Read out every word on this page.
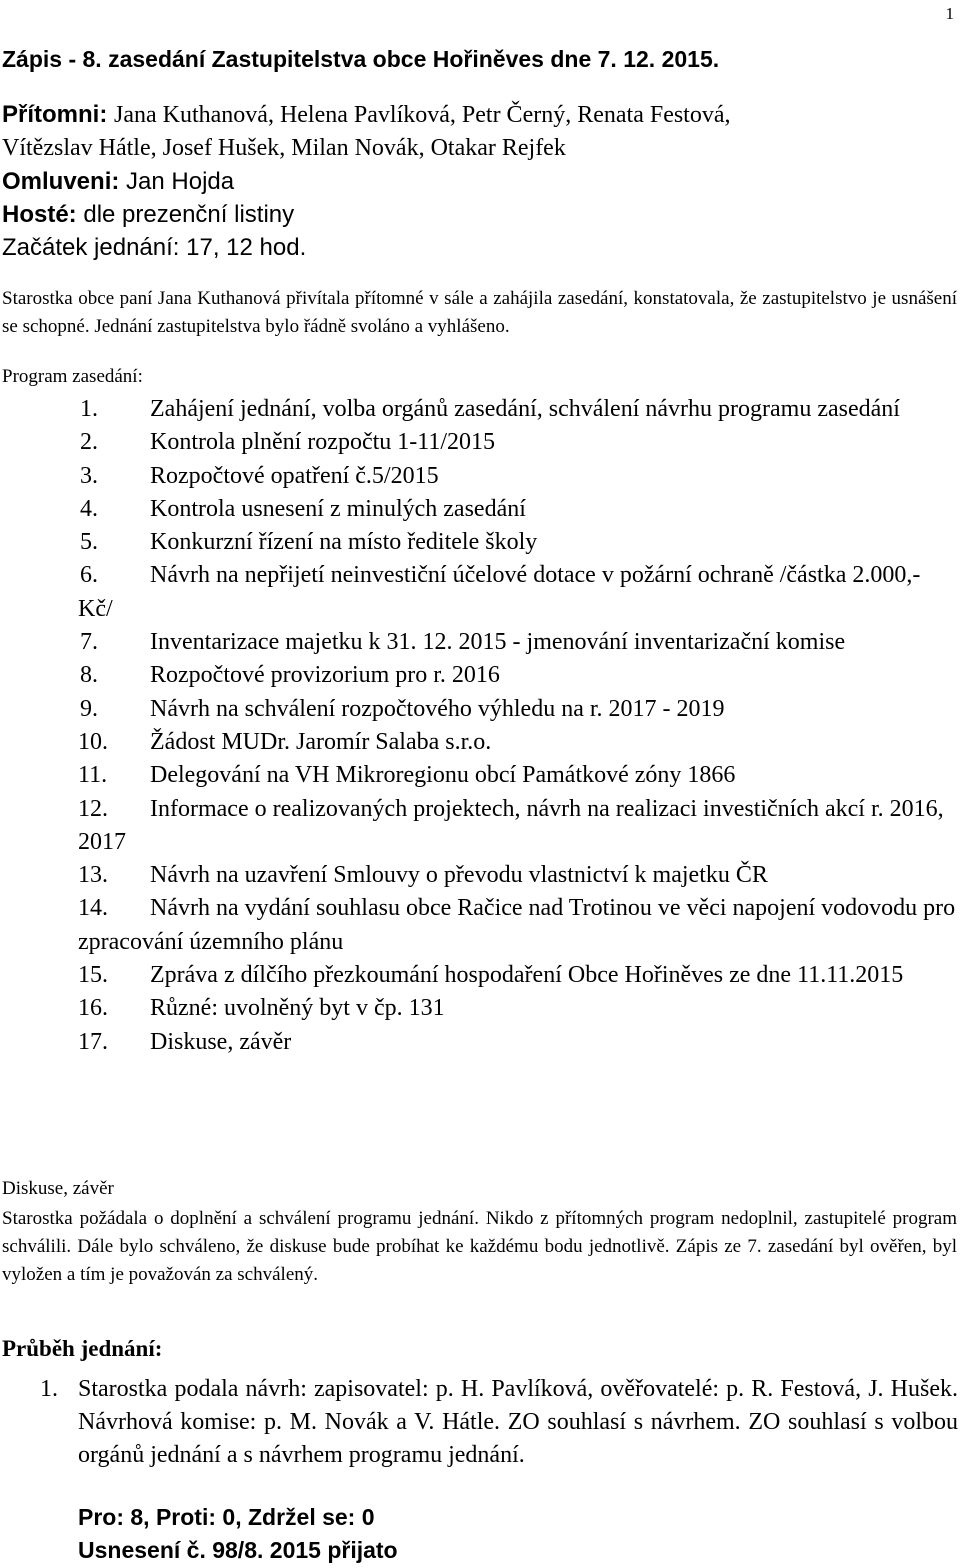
1
Zápis - 8. zasedání Zastupitelstva obce Hořiněves dne 7. 12. 2015.
Přítomni: Jana Kuthanová, Helena Pavlíková, Petr Černý, Renata Festová,
Vítězslav Hátle, Josef Hušek, Milan Novák, Otakar Rejfek
Omluveni: Jan Hojda
Hosté: dle prezenční listiny
Začátek jednání: 17, 12 hod.
Starostka obce paní Jana Kuthanová přivítala přítomné v sále a zahájila zasedání, konstatovala, že zastupitelstvo je usnášení se schopné. Jednání zastupitelstva bylo řádně svoláno a vyhlášeno.
Program zasedání:
1.	Zahájení jednání, volba orgánů zasedání, schválení návrhu programu zasedání
2.	Kontrola plnění rozpočtu 1-11/2015
3.	Rozpočtové opatření č.5/2015
4.	Kontrola usnesení z minulých zasedání
5.	Konkurzní řízení na místo ředitele školy
6.	Návrh na nepřijetí neinvestiční účelové dotace v požární ochraně /částka 2.000,- Kč/
7.	Inventarizace majetku k 31. 12. 2015 - jmenování inventarizační komise
8.	Rozpočtové provizorium pro r. 2016
9.	Návrh na schválení rozpočtového výhledu na r. 2017 - 2019
10.	Žádost MUDr. Jaromír Salaba s.r.o.
11.	Delegování na VH Mikroregionu obcí Památkové zóny 1866
12.	Informace o realizovaných projektech, návrh na realizaci investičních akcí r. 2016, 2017
13.	Návrh na uzavření Smlouvy o převodu vlastnictví k majetku ČR
14.	Návrh na vydání souhlasu obce Račice nad Trotinou ve věci napojení vodovodu pro zpracování územního plánu
15.	Zpráva z dílčího přezkoumání hospodaření Obce Hořiněves ze dne 11.11.2015
16.	Různé: uvolněný byt v čp. 131
17.	Diskuse, závěr
Diskuse, závěr
Starostka požádala o doplnění a schválení programu jednání. Nikdo z přítomných program nedoplnil, zastupitelé program schválili. Dále bylo schváleno, že diskuse bude probíhat ke každému bodu jednotlivě. Zápis ze 7. zasedání byl ověřen, byl vyložen a tím je považován za schválený.
Průběh jednání:
1. Starostka podala návrh: zapisovatel: p. H. Pavlíková, ověřovatelé: p. R. Festová, J. Hušek. Návrhová komise: p. M. Novák a V. Hátle. ZO souhlasí s návrhem. ZO souhlasí s volbou orgánů jednání a s návrhem programu jednání.
Pro: 8, Proti: 0, Zdržel se: 0
Usnesení č. 98/8. 2015 přijato
